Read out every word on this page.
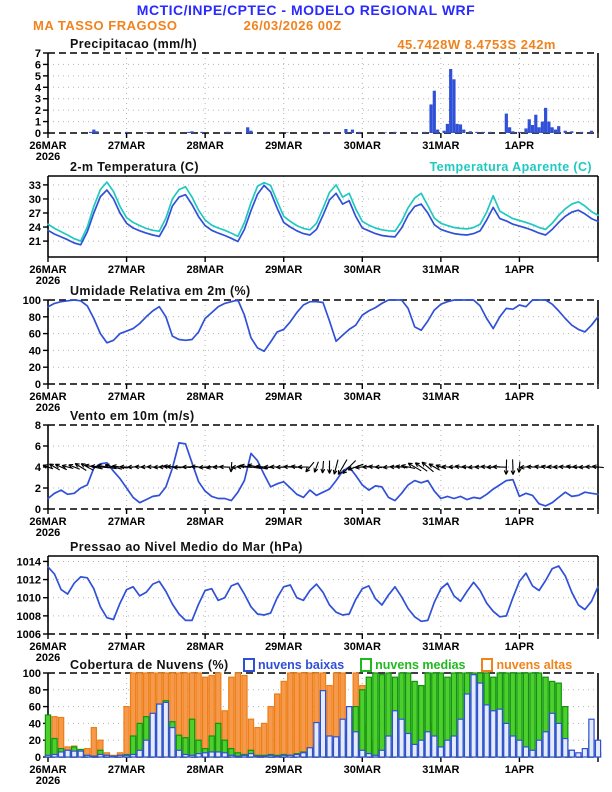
MCTIC/INPE/CPTEC - MODELO REGIONAL WRF
MA TASSO FRAGOSO	26/03/2026 00Z
45.7428W 8.4753S 242m
Precipitacao (mm/h)
2-m Temperatura (C)	Temperatura Aparente (C)
Umidade Relativa em 2m (%)
Vento em 10m (m/s)
Pressao ao Nivel Medio do Mar (hPa)
Cobertura de Nuvens (%) nuvens baixas nuvens medias nuvens altas
0
1
2
3
4
5
6
7
26MAR
2026
27MAR	28MAR	29MAR	30MAR	31MAR	1APR
21
24
27
30
33
26MAR
2026
27MAR	28MAR	29MAR	30MAR	31MAR	1APR
0
20
40
60
80
100
26MAR
2026
27MAR	28MAR	29MAR	30MAR	31MAR	1APR
0
2
4
6
8
26MAR
2026
27MAR	28MAR	29MAR	30MAR	31MAR	1APR
1006
1008
1010
1012
1014
26MAR
2026
27MAR	28MAR	29MAR	30MAR	31MAR	1APR
0
20
40
60
80
100
26MAR
2026
27MAR	28MAR	29MAR	30MAR	31MAR	1APR
